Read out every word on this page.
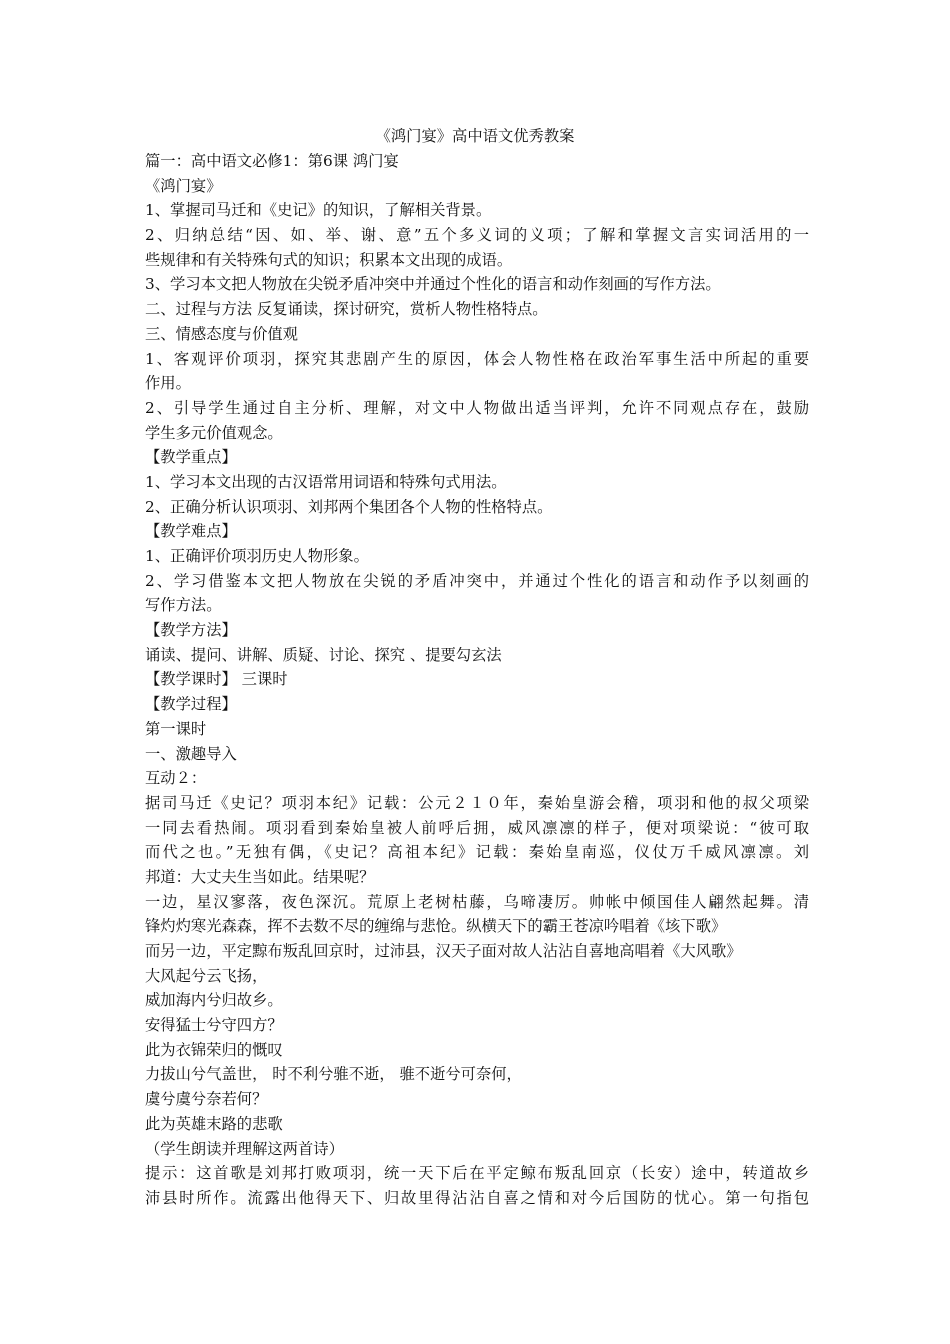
《鸿门宴》高中语文优秀教案
篇一：高中语文必修1：第6课 鸿门宴
《鸿门宴》
1、掌握司马迁和《史记》的知识，了解相关背景。
2、归纳总结“因、如、举、谢、意”五个多义词的义项；了解和掌握文言实词活用的一
些规律和有关特殊句式的知识；积累本文出现的成语。
3、学习本文把人物放在尖锐矛盾冲突中并通过个性化的语言和动作刻画的写作方法。
二、过程与方法 反复诵读，探讨研究，赏析人物性格特点。
三、情感态度与价值观
1、客观评价项羽，探究其悲剧产生的原因，体会人物性格在政治军事生活中所起的重要
作用。
2、引导学生通过自主分析、理解，对文中人物做出适当评判，允许不同观点存在，鼓励
学生多元价值观念。
【教学重点】
1、学习本文出现的古汉语常用词语和特殊句式用法。
2、正确分析认识项羽、刘邦两个集团各个人物的性格特点。
【教学难点】
1、正确评价项羽历史人物形象。
2、学习借鉴本文把人物放在尖锐的矛盾冲突中，并通过个性化的语言和动作予以刻画的
写作方法。
【教学方法】
诵读、提问、讲解、质疑、讨论、探究 、提要勾玄法
【教学课时】 三课时
【教学过程】
第一课时
一、激趣导入
互动２：
据司马迁《史记？项羽本纪》记载：公元２１０年，秦始皇游会稽，项羽和他的叔父项梁
一同去看热闹。项羽看到秦始皇被人前呼后拥，威风凛凛的样子，便对项梁说：“彼可取
而代之也。”无独有偶，《史记？高祖本纪》记载：秦始皇南巡，仪仗万千威风凛凛。刘
邦道：大丈夫生当如此。结果呢？
一边，星汉寥落，夜色深沉。荒原上老树枯藤，乌啼凄厉。帅帐中倾国佳人翩然起舞。清
锋灼灼寒光森森，挥不去数不尽的缠绵与悲怆。纵横天下的霸王苍凉吟唱着《垓下歌》
而另一边，平定黥布叛乱回京时，过沛县，汉天子面对故人沾沾自喜地高唱着《大风歌》
大风起兮云飞扬，
威加海内兮归故乡。
安得猛士兮守四方？
此为衣锦荣归的慨叹
力拔山兮气盖世， 时不利兮骓不逝， 骓不逝兮可奈何，
虞兮虞兮奈若何？
此为英雄末路的悲歌
（学生朗读并理解这两首诗）
提示：这首歌是刘邦打败项羽，统一天下后在平定鲸布叛乱回京（长安）途中，转道故乡
沛县时所作。流露出他得天下、归故里得沾沾自喜之情和对今后国防的忧心。第一句指包
